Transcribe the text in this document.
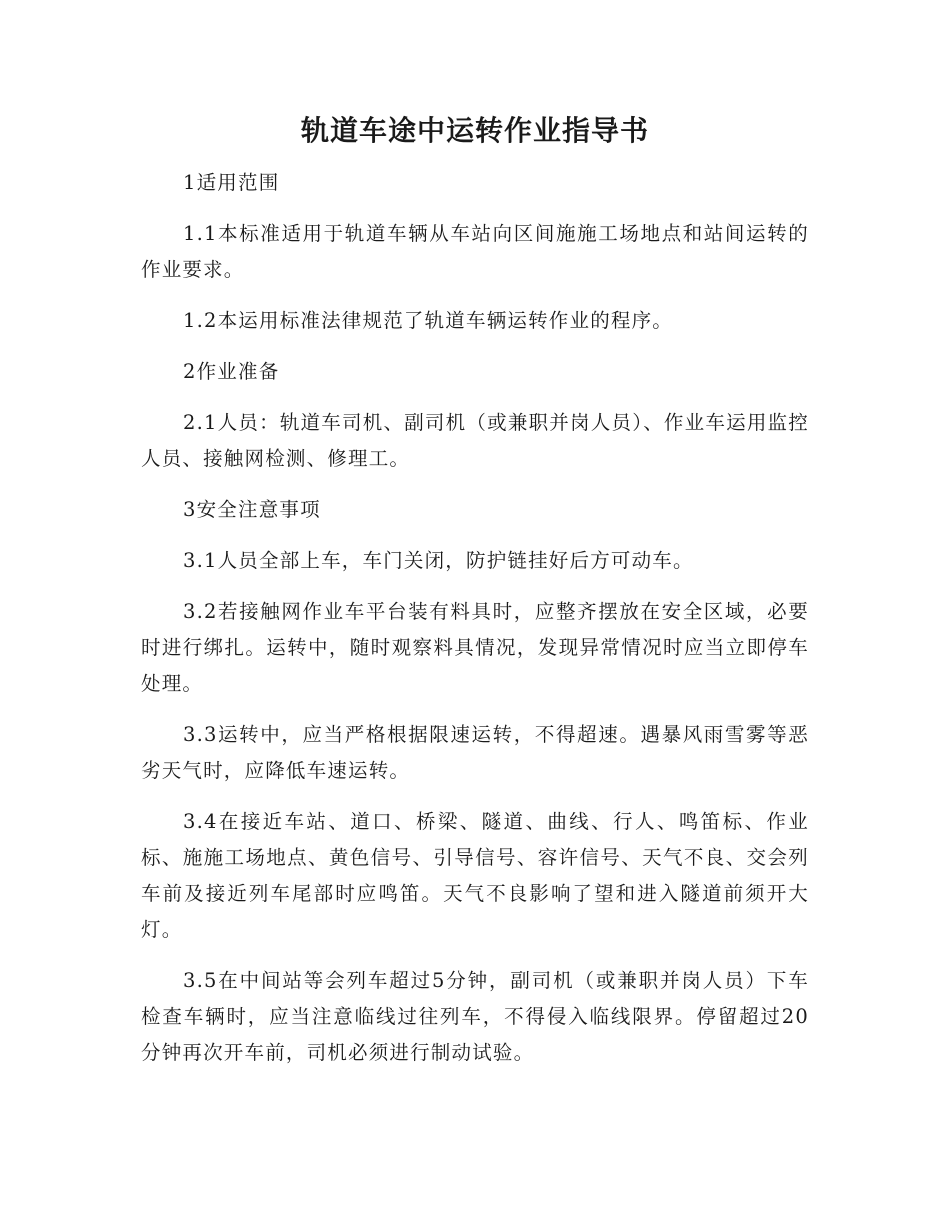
轨道车途中运转作业指导书

1适用范围

1.1本标准适用于轨道车辆从车站向区间施施工场地点和站间运转的作业要求。

1.2本运用标准法律规范了轨道车辆运转作业的程序。

2作业准备

2.1人员：轨道车司机、副司机（或兼职并岗人员）、作业车运用监控人员、接触网检测、修理工。

3安全注意事项

3.1人员全部上车，车门关闭，防护链挂好后方可动车。

3.2若接触网作业车平台装有料具时，应整齐摆放在安全区域，必要时进行绑扎。运转中，随时观察料具情况，发现异常情况时应当立即停车处理。

3.3运转中，应当严格根据限速运转，不得超速。遇暴风雨雪雾等恶劣天气时，应降低车速运转。

3.4在接近车站、道口、桥梁、隧道、曲线、行人、鸣笛标、作业标、施施工场地点、黄色信号、引导信号、容许信号、天气不良、交会列车前及接近列车尾部时应鸣笛。天气不良影响了望和进入隧道前须开大灯。

3.5在中间站等会列车超过5分钟，副司机（或兼职并岗人员）下车检查车辆时，应当注意临线过往列车，不得侵入临线限界。停留超过20 分钟再次开车前，司机必须进行制动试验。
